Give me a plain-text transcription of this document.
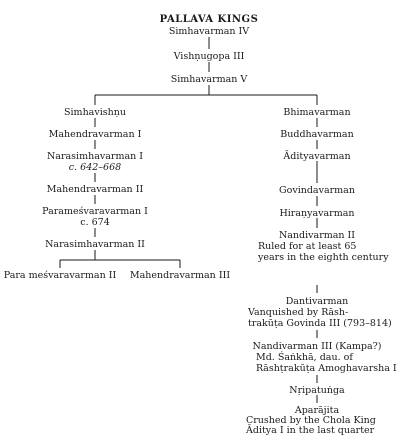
PALLAVA KINGS
Simhavarman IV
Vishṇugopa III
Simhavarman V
Simhavishṇu
Mahendravarman I
Narasimhavarman I
c. 642–668
Mahendravarman II
Parameśvaravarman I
c. 674
Narasimhavarman II
Para meśvaravarman II Mahendravarman III
Bhimavarman
Buddhavarman
Ādityavarman
Govindavarman
Hiraṇyavarman
Nandivarman II
Ruled for at least 65
years in the eighth century
Dantivarman
Vanquished by Rāsh-
trakūṭa Govinda III (793–814)
Nandivarman III (Kampa?)
Md. Śaṅkhā, dau. of
Rāshṭrakūṭa Amoghavarsha I
Nṛipatuṅga
Aparājita
Crushed by the Chola King
Āditya I in the last quarter
